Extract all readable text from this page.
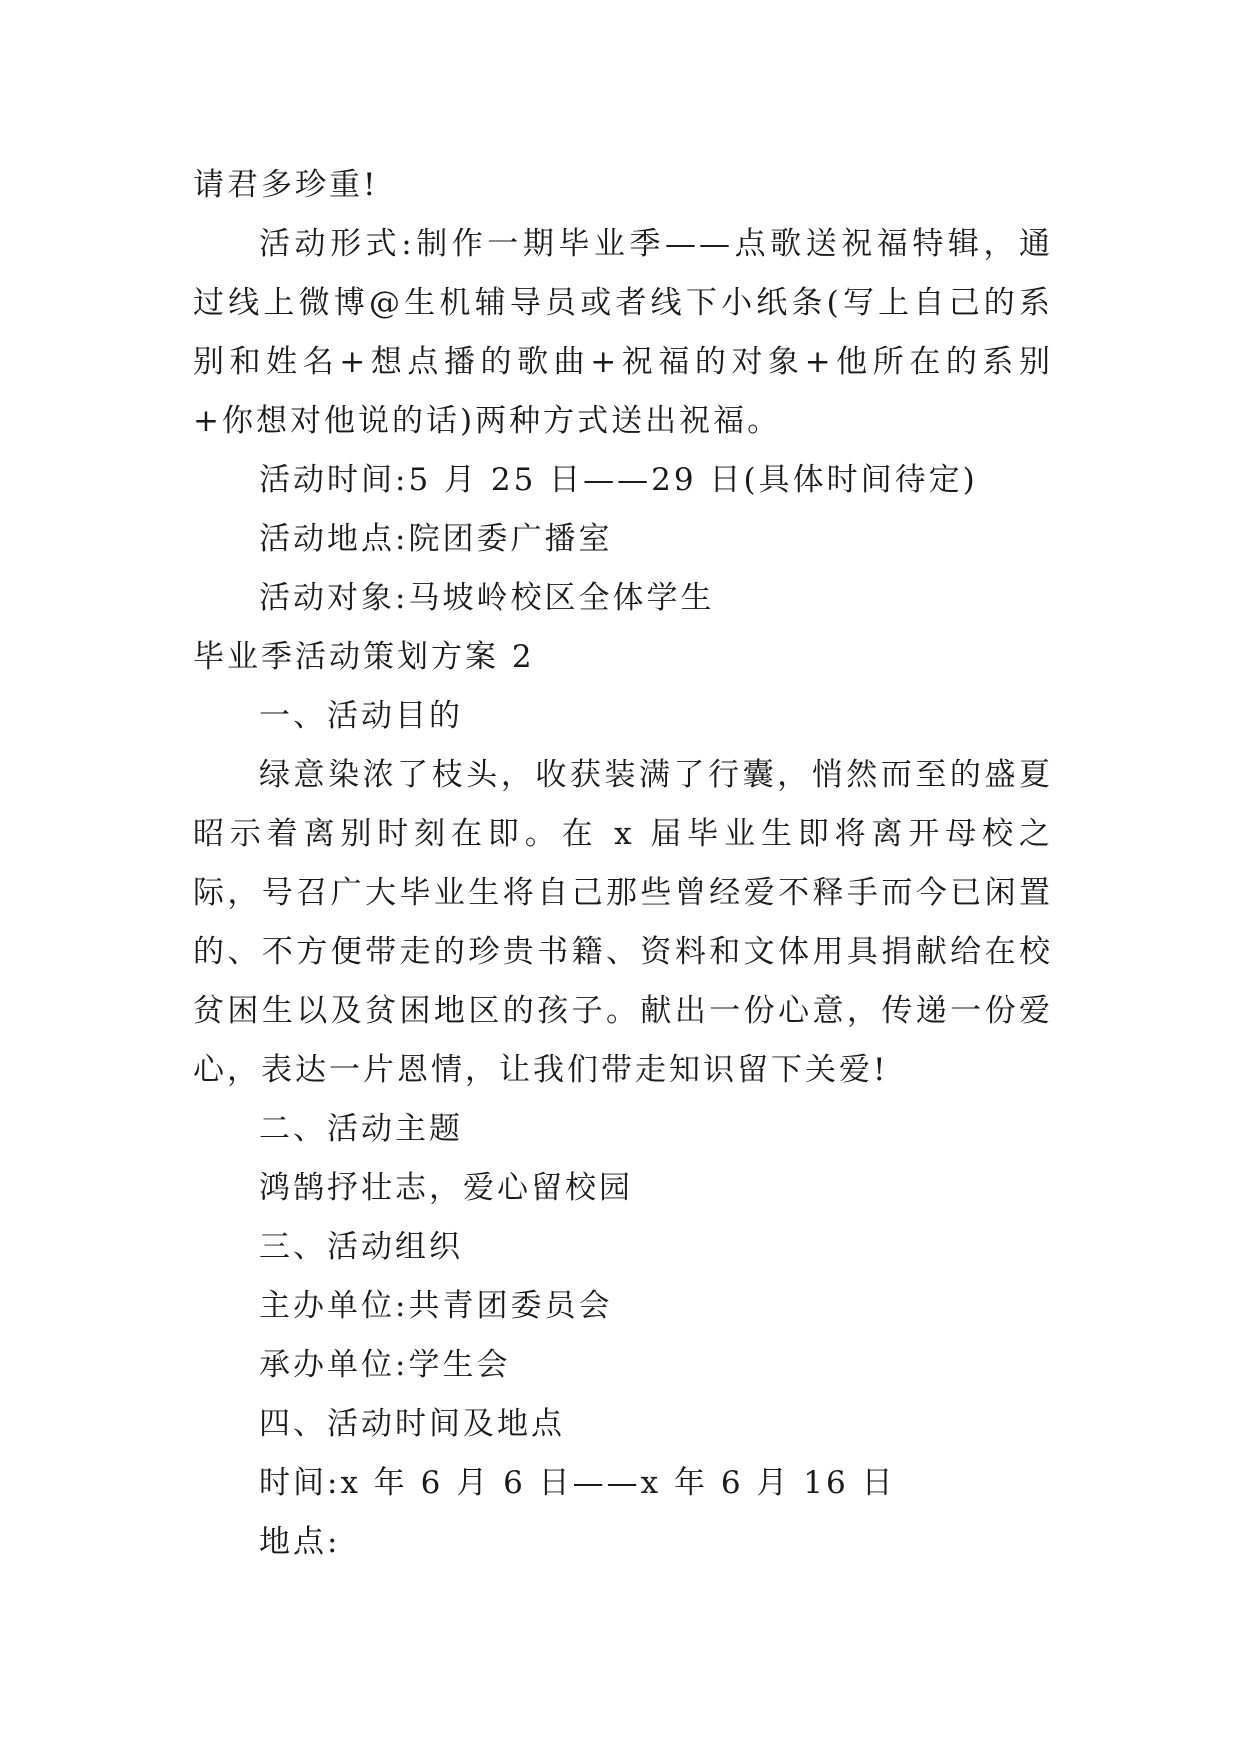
请君多珍重!

活动形式:制作一期毕业季——点歌送祝福特辑，通过线上微博@生机辅导员或者线下小纸条(写上自己的系别和姓名+想点播的歌曲+祝福的对象+他所在的系别+你想对他说的话)两种方式送出祝福。

活动时间:5 月 25 日——29 日(具体时间待定)

活动地点:院团委广播室

活动对象:马坡岭校区全体学生

毕业季活动策划方案 2

一、活动目的

绿意染浓了枝头，收获装满了行囊，悄然而至的盛夏昭示着离别时刻在即。在 x 届毕业生即将离开母校之际，号召广大毕业生将自己那些曾经爱不释手而今已闲置的、不方便带走的珍贵书籍、资料和文体用具捐献给在校贫困生以及贫困地区的孩子。献出一份心意，传递一份爱心，表达一片恩情，让我们带走知识留下关爱!

二、活动主题

鸿鹄抒壮志，爱心留校园

三、活动组织

主办单位:共青团委员会

承办单位:学生会

四、活动时间及地点

时间:x 年 6 月 6 日——x 年 6 月 16 日

地点:
